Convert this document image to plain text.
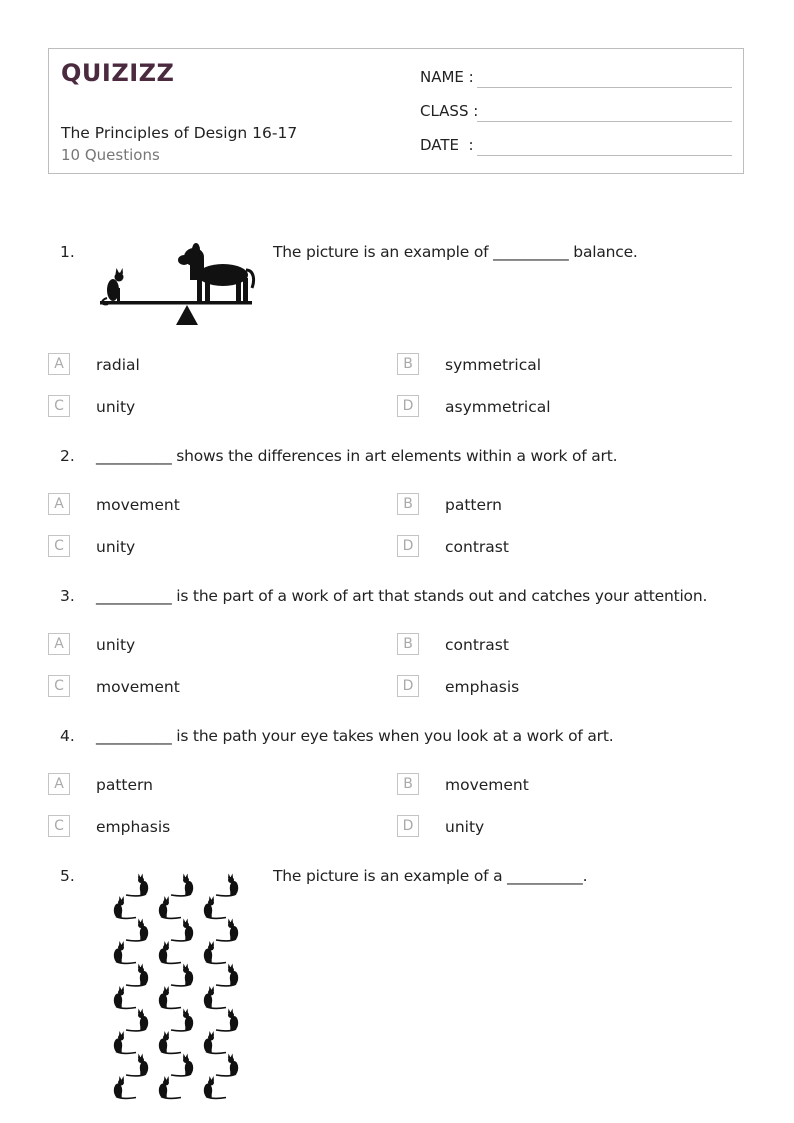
QUIZIZZ
The Principles of Design 16-17
10 Questions
NAME :
CLASS :
DATE  :
1.	The picture is an example of __________ balance.
A	radial	B	symmetrical
C	unity	D	asymmetrical
2. __________ shows the differences in art elements within a work of art.
A	movement	B	pattern
C	unity	D	contrast
3. __________ is the part of a work of art that stands out and catches your attention.
A	unity	B	contrast
C	movement	D	emphasis
4. __________ is the path your eye takes when you look at a work of art.
A	pattern	B	movement
C	emphasis	D	unity
5.	The picture is an example of a __________.
